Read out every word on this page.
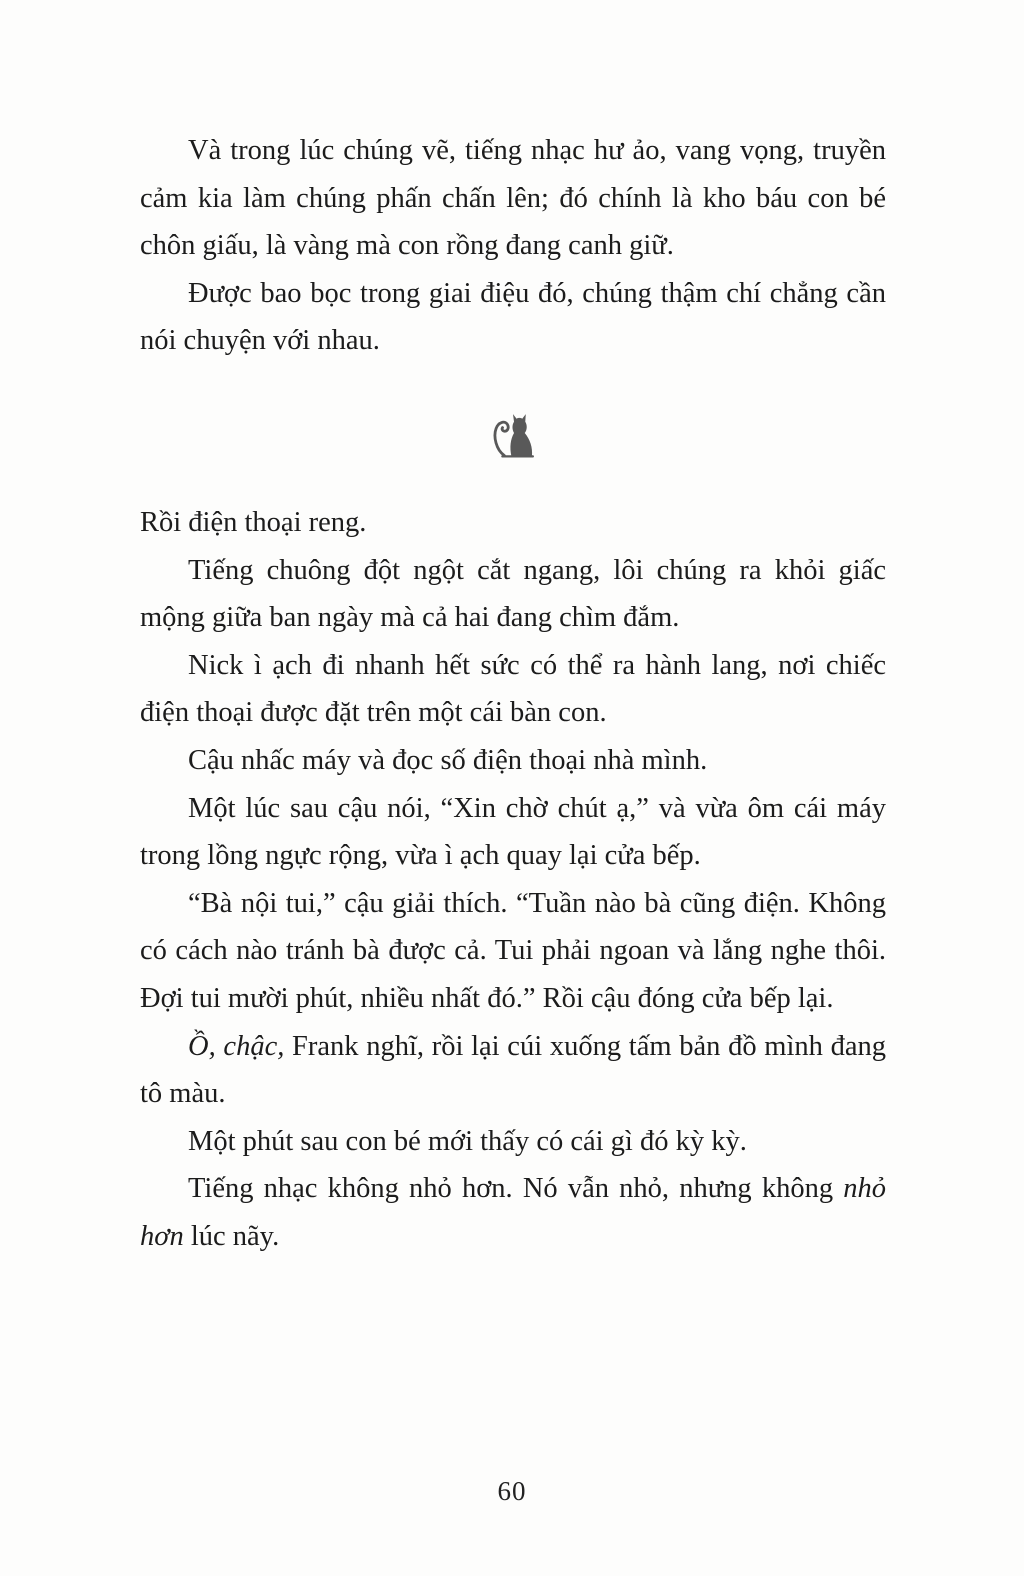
Và trong lúc chúng vẽ, tiếng nhạc hư ảo, vang vọng, truyền cảm kia làm chúng phấn chấn lên; đó chính là kho báu con bé chôn giấu, là vàng mà con rồng đang canh giữ.

Được bao bọc trong giai điệu đó, chúng thậm chí chẳng cần nói chuyện với nhau.

Rồi điện thoại reng.

Tiếng chuông đột ngột cắt ngang, lôi chúng ra khỏi giấc mộng giữa ban ngày mà cả hai đang chìm đắm.

Nick ì ạch đi nhanh hết sức có thể ra hành lang, nơi chiếc điện thoại được đặt trên một cái bàn con.

Cậu nhấc máy và đọc số điện thoại nhà mình.

Một lúc sau cậu nói, “Xin chờ chút ạ,” và vừa ôm cái máy trong lồng ngực rộng, vừa ì ạch quay lại cửa bếp.

“Bà nội tui,” cậu giải thích. “Tuần nào bà cũng điện. Không có cách nào tránh bà được cả. Tui phải ngoan và lắng nghe thôi. Đợi tui mười phút, nhiều nhất đó.” Rồi cậu đóng cửa bếp lại.

Ồ, chậc, Frank nghĩ, rồi lại cúi xuống tấm bản đồ mình đang tô màu.

Một phút sau con bé mới thấy có cái gì đó kỳ kỳ.

Tiếng nhạc không nhỏ hơn. Nó vẫn nhỏ, nhưng không nhỏ hơn lúc nãy.

60
